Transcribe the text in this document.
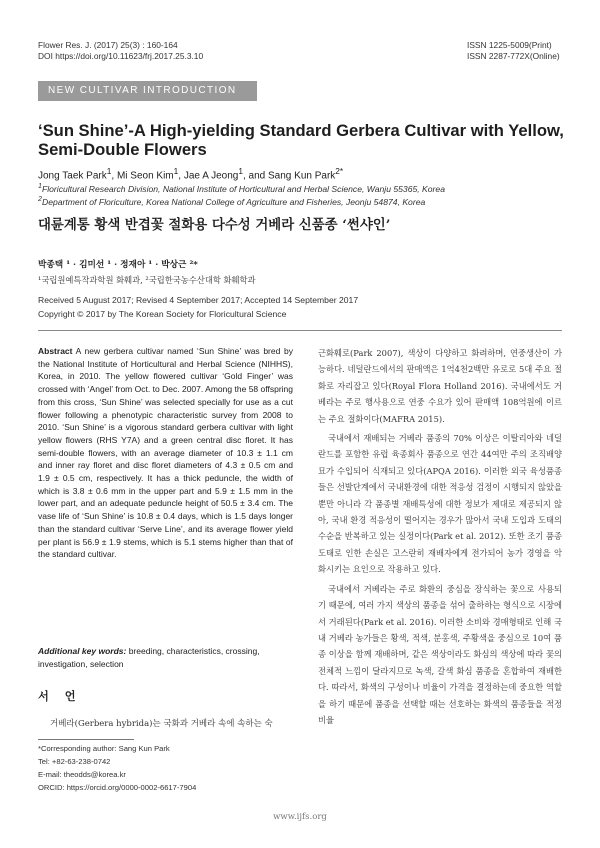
Flower Res. J. (2017) 25(3) : 160-164
DOI https://doi.org/10.11623/frj.2017.25.3.10
ISSN 1225-5009(Print)
ISSN 2287-772X(Online)
NEW CULTIVAR INTRODUCTION
‘Sun Shine’-A High-yielding Standard Gerbera Cultivar with Yellow, Semi-Double Flowers
Jong Taek Park$^1$, Mi Seon Kim$^1$, Jae A Jeong$^1$, and Sang Kun Park$^{2*}$
$^1$Floricultural Research Division, National Institute of Horticultural and Herbal Science, Wanju 55365, Korea
$^2$Department of Floriculture, Korea National College of Agriculture and Fisheries, Jeonju 54874, Korea
대륜계통 황색 반겹꽃 절화용 다수성 거베라 신품종 ‘썬샤인’
박종택 ¹ · 김미선 ¹ · 정재아 ¹ · 박상근 ²*
¹국립원예특작과학원 화훼과, ²국립한국농수산대학 화훼학과
Received 5 August 2017; Revised 4 September 2017; Accepted 14 September 2017
Copyright © 2017 by The Korean Society for Floricultural Science
Abstract A new gerbera cultivar named ‘Sun Shine’ was bred by the National Institute of Horticultural and Herbal Science (NIHHS), Korea, in 2010. The yellow flowered cultivar ‘Gold Finger’ was crossed with ‘Angel’ from Oct. to Dec. 2007. Among the 58 offspring from this cross, ‘Sun Shine’ was selected specially for use as a cut flower following a phenotypic characteristic survey from 2008 to 2010. ‘Sun Shine’ is a vigorous standard gerbera cultivar with light yellow flowers (RHS Y7A) and a green central disc floret. It has semi-double flowers, with an average diameter of 10.3 ± 1.1 cm and inner ray floret and disc floret diameters of 4.3 ± 0.5 cm and 1.9 ± 0.5 cm, respectively. It has a thick peduncle, the width of which is 3.8 ± 0.6 mm in the upper part and 5.9 ± 1.5 mm in the lower part, and an adequate peduncle height of 50.5 ± 3.4 cm. The vase life of ‘Sun Shine’ is 10.8 ± 0.4 days, which is 1.5 days longer than the standard cultivar ‘Serve Line’, and its average flower yield per plant is 56.9 ± 1.9 stems, which is 5.1 stems higher than that of the standard cultivar.
Additional key words: breeding, characteristics, crossing, investigation, selection
서 언
거베라(Gerbera hybrida)는 국화과 거베라 속에 속하는 숙
*Corresponding author: Sang Kun Park
Tel: +82-63-238-0742
E-mail: theodds@korea.kr
ORCID: https://orcid.org/0000-0002-6617-7904

근화훼로(Park 2007), 색상이 다양하고 화려하며, 연중생산이 가능하다. 네덜란드에서의 판매액은 1억4천2백만 유로로 5대 주요 절화로 자리잡고 있다(Royal Flora Holland 2016). 국내에서도 거베라는 주로 행사용으로 연중 수요가 있어 판매액 108억원에 이르는 주요 절화이다(MAFRA 2015).

국내에서 재배되는 거베라 품종의 70% 이상은 이탈리아와 네덜란드를 포함한 유럽 육종회사 품종으로 연간 44여만 주의 조직배양묘가 수입되어 식재되고 있다(APQA 2016). 이러한 외국 육성품종들은 선발단계에서 국내환경에 대한 적응성 검정이 시행되지 않았을 뿐만 아니라 각 품종별 재배특성에 대한 정보가 제대로 제공되지 않아, 국내 환경 적응성이 떨어지는 경우가 많아서 국내 도입과 도태의 수순을 반복하고 있는 실정이다(Park et al. 2012). 또한 조기 품종 도태로 인한 손실은 고스란히 재배자에게 전가되어 농가 경영을 악화시키는 요인으로 작용하고 있다.

국내에서 거베라는 주로 화환의 중심을 장식하는 꽃으로 사용되기 때문에, 여러 가지 색상의 품종을 섞어 출하하는 형식으로 시장에서 거래된다(Park et al. 2016). 이러한 소비와 경매형태로 인해 국내 거베라 농가들은 황색, 적색, 분홍색, 주황색을 중심으로 10여 품종 이상을 함께 재배하며, 같은 색상이라도 화심의 색상에 따라 꽃의 전체적 느낌이 달라지므로 녹색, 갈색 화심 품종을 혼합하여 재배한다. 따라서, 화색의 구성이나 비율이 가격을 결정하는데 중요한 역할을 하기 때문에 품종을 선택할 때는 선호하는 화색의 품종들을 적정 비율

www.ijfs.org
